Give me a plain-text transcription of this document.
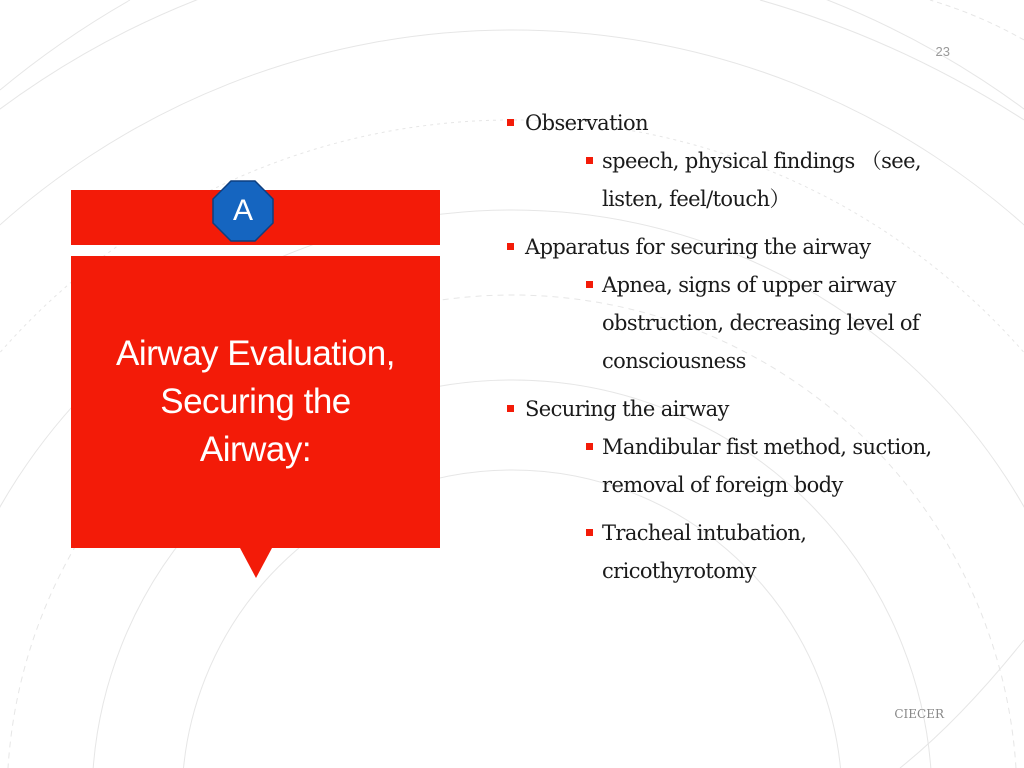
23
Airway Evaluation, Securing the Airway:
A
Observation
speech, physical findings （see, listen, feel/touch）
Apparatus for securing the airway
Apnea, signs of upper airway obstruction, decreasing level of consciousness
Securing the airway
Mandibular fist method, suction, removal of foreign body
Tracheal intubation, cricothyrotomy
CIECER
